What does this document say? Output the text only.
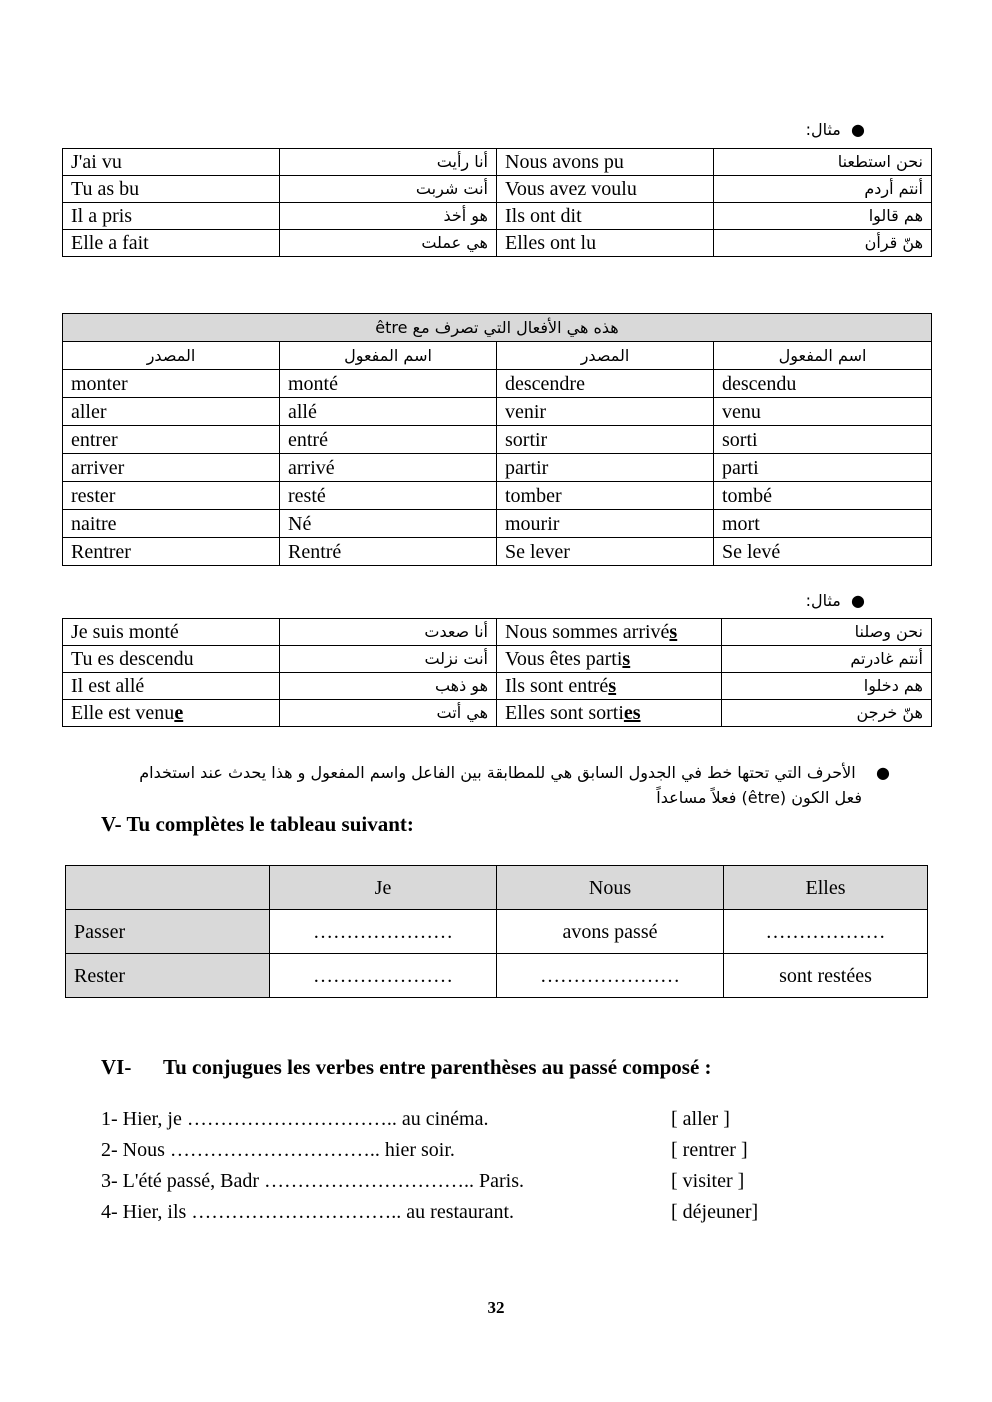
●  مثال:
J'ai vu	أنا رأيت	Nous avons pu	نحن استطعنا
Tu as bu	أنت شربت	Vous avez voulu	أنتم أردم
Il a pris	هو أخذ	Ils ont dit	هم قالوا
Elle a fait	هي عملت	Elles ont lu	هنّ قرأن
هذه هي الأفعال التي تصرف مع être			
المصدر	اسم المفعول	المصدر	اسم المفعول
monter	monté	descendre	descendu
aller	allé	venir	venu
entrer	entré	sortir	sorti
arriver	arrivé	partir	parti
rester	resté	tomber	tombé
naitre	Né	mourir	mort
Rentrer	Rentré	Se lever	Se levé
●  مثال:
Je suis monté	أنا صعدت	Nous sommes arrivés	نحن وصلنا
Tu es descendu	أنت نزلت	Vous êtes partis	أنتم غادرتم
Il est allé	هو ذهب	Ils sont entrés	هم دخلوا
Elle est venue	هي أتت	Elles sont sorties	هنّ خرجن
●    الأحرف التي تحتها خط في الجدول السابق هي للمطابقة بين الفاعل واسم المفعول و هذا يحدث عند استخدام
فعل الكون (être) فعلاً مساعداً
V- Tu complètes le tableau suivant:
	Je	Nous	Elles
Passer	…………………	avons passé	………………
Rester	…………………	…………………	sont restées
VI- Tu conjugues les verbes entre parenthèses au passé composé :
1- Hier, je ………………………….. au cinéma.	[ aller ]
2- Nous ………………………….. hier soir.	[ rentrer ]
3- L'été passé, Badr ………………………….. Paris.	[ visiter ]
4- Hier, ils ………………………….. au restaurant.	[ déjeuner]
32
